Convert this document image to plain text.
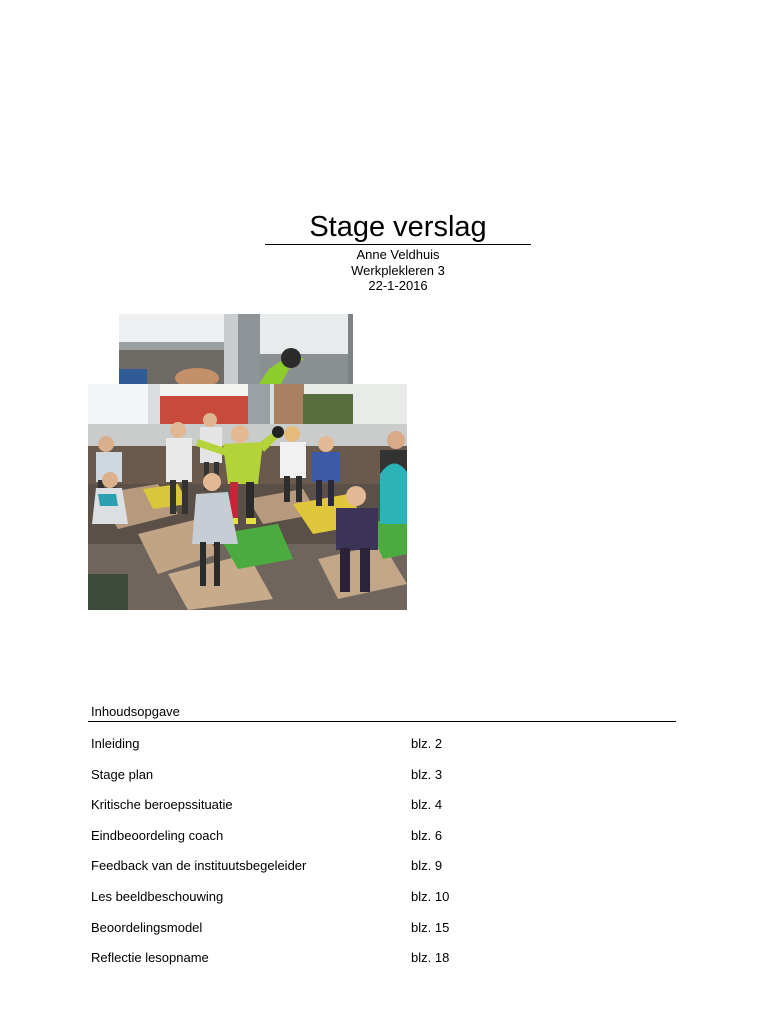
Stage verslag

Anne Veldhuis

Werkplekleren 3

22-1-2016

Inhoudsopgave
Inleiding	blz. 2
Stage plan	blz. 3
Kritische beroepssituatie	blz. 4
Eindbeoordeling coach	blz. 6
Feedback van de instituutsbegeleider	blz. 9
Les beeldbeschouwing	blz. 10
Beoordelingsmodel	blz. 15
Reflectie lesopname	blz. 18
